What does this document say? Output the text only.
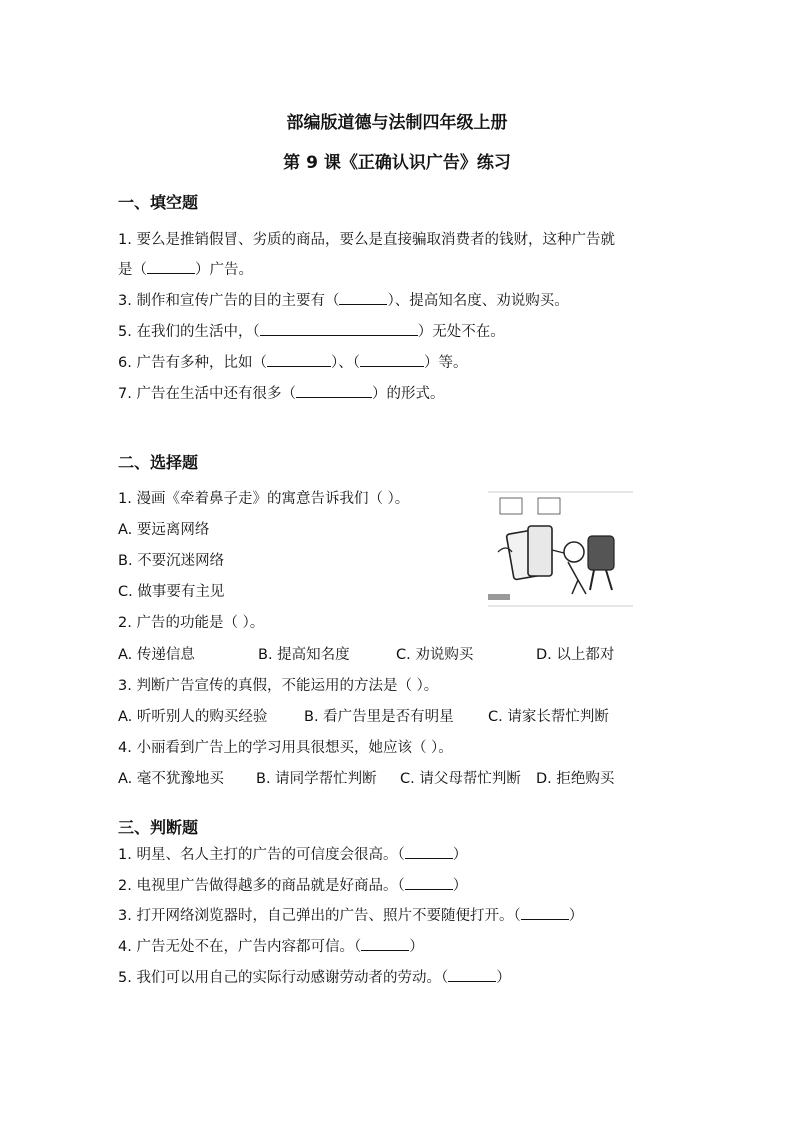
部编版道德与法制四年级上册
第 9 课《正确认识广告》练习
一、填空题
1. 要么是推销假冒、劣质的商品，要么是直接骗取消费者的钱财，这种广告就
是（	）广告。
3. 制作和宣传广告的目的主要有（	）、提高知名度、劝说购买。
5. 在我们的生活中，（	）无处不在。
6. 广告有多种，比如（	）、（	）等。
7. 广告在生活中还有很多（	）的形式。
二、选择题
1. 漫画《牵着鼻子走》的寓意告诉我们（ ）。
A. 要远离网络
B. 不要沉迷网络
C. 做事要有主见
2. 广告的功能是（ ）。
A. 传递信息	B. 提高知名度	C. 劝说购买	D. 以上都对
3. 判断广告宣传的真假，不能运用的方法是（ ）。
A. 听听别人的购买经验	B. 看广告里是否有明星 C. 请家长帮忙判断
4. 小丽看到广告上的学习用具很想买，她应该（ ）。
A. 毫不犹豫地买 B. 请同学帮忙判断 C. 请父母帮忙判断 D. 拒绝购买
三、判断题
1. 明星、名人主打的广告的可信度会很高。（	）
2. 电视里广告做得越多的商品就是好商品。（	）
3. 打开网络浏览器时，自己弹出的广告、照片不要随便打开。（	）
4. 广告无处不在，广告内容都可信。（	）
5. 我们可以用自己的实际行动感谢劳动者的劳动。（	）
